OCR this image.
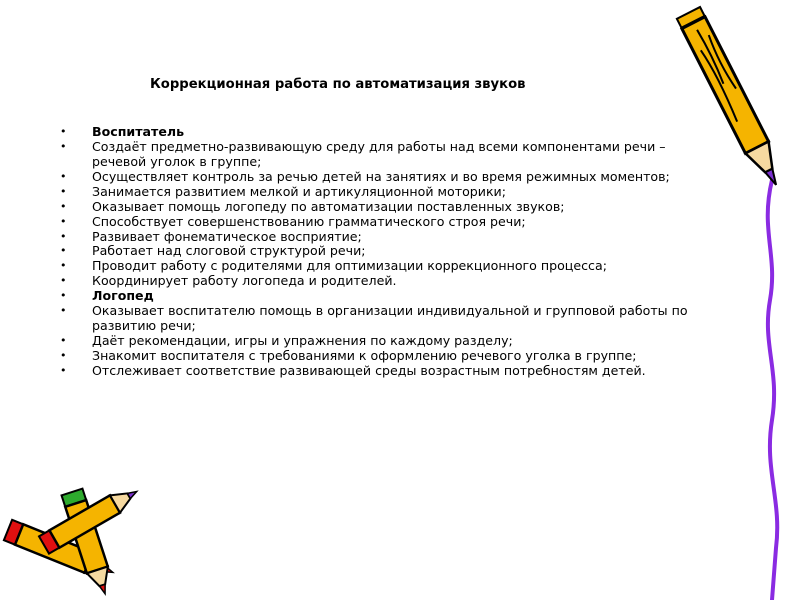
Коррекционная работа по автоматизация звуков
• Воспитатель
• Создаёт предметно-развивающую среду для работы над всеми компонентами речи – речевой уголок в группе;
• Осуществляет контроль за речью детей на занятиях и во время режимных моментов;
• Занимается развитием мелкой и артикуляционной моторики;
• Оказывает помощь логопеду по автоматизации поставленных звуков;
• Способствует совершенствованию грамматического строя речи;
• Развивает фонематическое восприятие;
• Работает над слоговой структурой речи;
• Проводит работу с родителями для оптимизации коррекционного процесса;
• Координирует работу логопеда и родителей.
• Логопед
• Оказывает воспитателю помощь в организации индивидуальной и групповой работы по развитию речи;
• Даёт рекомендации, игры и упражнения по каждому разделу;
• Знакомит воспитателя с требованиями к оформлению речевого уголка в группе;
• Отслеживает соответствие развивающей среды возрастным потребностям детей.
